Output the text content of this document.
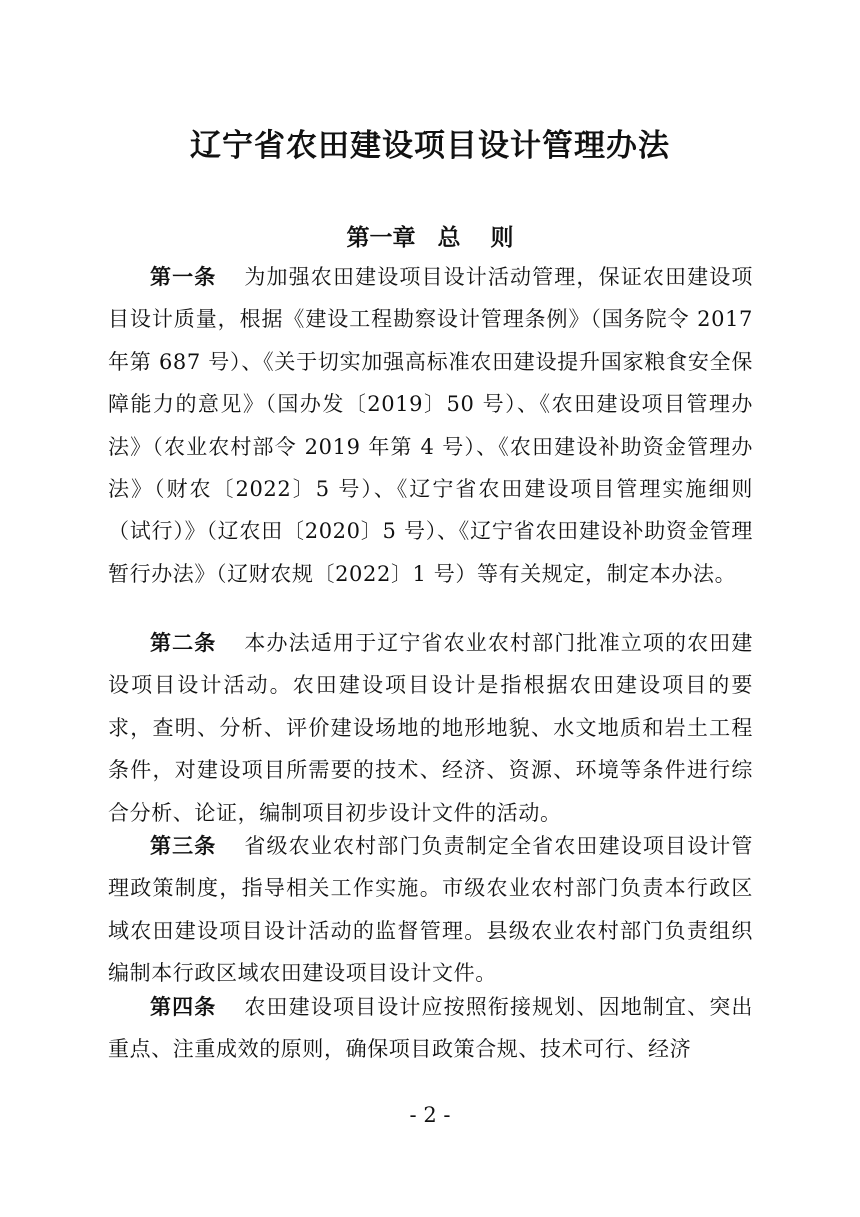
辽宁省农田建设项目设计管理办法
第一章 总 则

第一条 为加强农田建设项目设计活动管理，保证农田建设项目设计质量，根据《建设工程勘察设计管理条例》（国务院令 2017 年第 687 号）、《关于切实加强高标准农田建设提升国家粮食安全保障能力的意见》（国办发〔2019〕50 号）、《农田建设项目管理办法》（农业农村部令 2019 年第 4 号）、《农田建设补助资金管理办法》（财农〔2022〕5 号）、《辽宁省农田建设项目管理实施细则（试行）》（辽农田〔2020〕5 号）、《辽宁省农田建设补助资金管理暂行办法》（辽财农规〔2022〕1 号）等有关规定，制定本办法。

第二条 本办法适用于辽宁省农业农村部门批准立项的农田建设项目设计活动。农田建设项目设计是指根据农田建设项目的要求，查明、分析、评价建设场地的地形地貌、水文地质和岩土工程条件，对建设项目所需要的技术、经济、资源、环境等条件进行综合分析、论证，编制项目初步设计文件的活动。

第三条 省级农业农村部门负责制定全省农田建设项目设计管理政策制度，指导相关工作实施。市级农业农村部门负责本行政区域农田建设项目设计活动的监督管理。县级农业农村部门负责组织编制本行政区域农田建设项目设计文件。

第四条 农田建设项目设计应按照衔接规划、因地制宜、突出重点、注重成效的原则，确保项目政策合规、技术可行、经济

- 2 -
